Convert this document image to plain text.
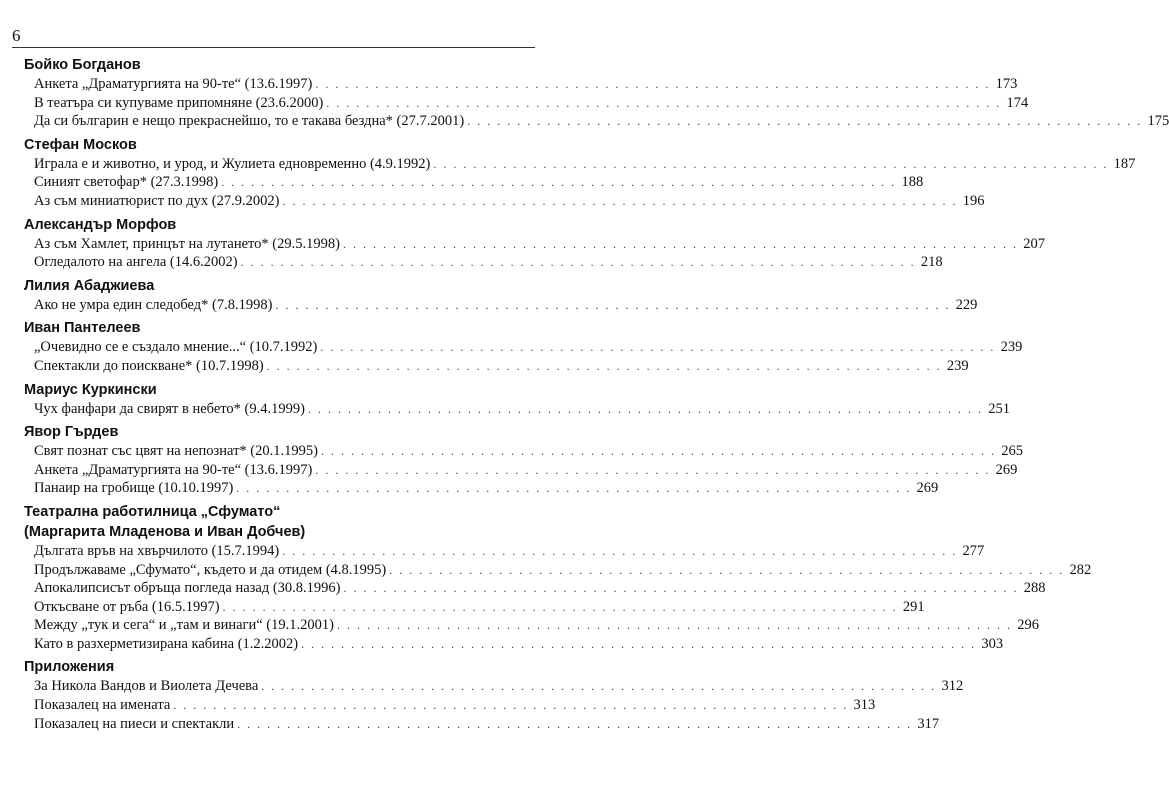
6
Бойко Богданов
Анкета „Драматургията на 90-те“ (13.6.1997) . . .	173
В театъра си купуваме припомняне (23.6.2000) . . .	174
Да си българин е нещо прекраснейшо, то е такава бездна* (27.7.2001) . . .	175
Стефан Москов
Играла е и животно, и урод, и Жулиета едновременно (4.9.1992) . . .	187
Синият светофар* (27.3.1998) . . .	188
Аз съм миниатюрист по дух (27.9.2002) . . .	196
Александър Морфов
Аз съм Хамлет, принцът на лутането* (29.5.1998) . . .	207
Огледалото на ангела (14.6.2002) . . .	218
Лилия Абаджиева
Ако не умра един следобед* (7.8.1998) . . .	229
Иван Пантелеев
„Очевидно се е създало мнение...“ (10.7.1992) . . .	239
Спектакли до поискване* (10.7.1998) . . .	239
Мариус Куркински
Чух фанфари да свирят в небето* (9.4.1999) . . .	251
Явор Гърдев
Свят познат със цвят на непознат* (20.1.1995) . . .	265
Анкета „Драматургията на 90-те“ (13.6.1997) . . .	269
Панаир на гробище (10.10.1997) . . .	269
Театрална работилница „Сфумато“
(Маргарита Младенова и Иван Добчев)
Дългата връв на хвърчилото (15.7.1994) . . .	277
Продължаваме „Сфумато“, където и да отидем (4.8.1995) . . .	282
Апокалипсисът обръща погледа назад (30.8.1996) . . .	288
Откъсване от ръба (16.5.1997) . . .	291
Между „тук и сега“ и „там и винаги“ (19.1.2001) . . .	296
Като в разхерметизирана кабина (1.2.2002) . . .	303
Приложения
За Никола Вандов и Виолета Дечева . . .	312
Показалец на имената . . .	313
Показалец на пиеси и спектакли . . .	317
